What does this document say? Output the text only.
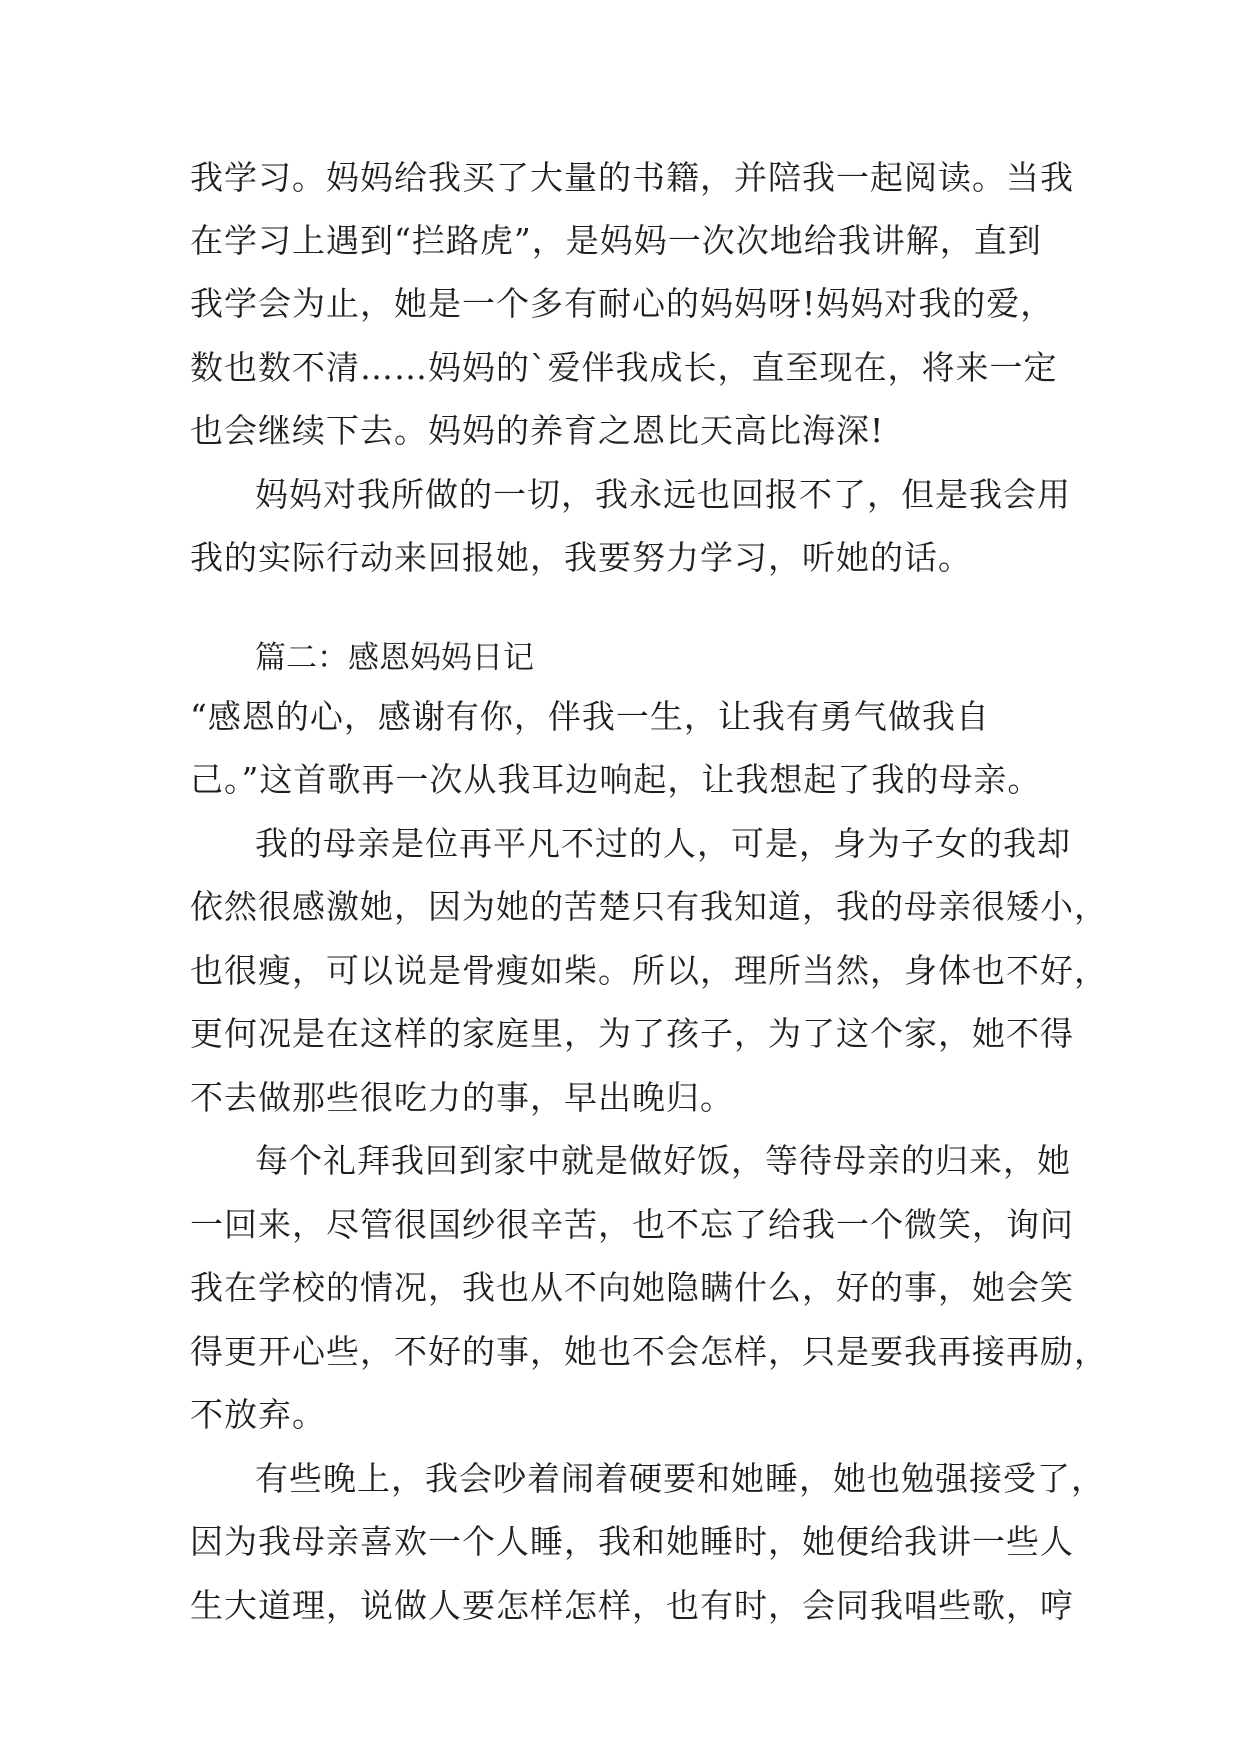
我学习。妈妈给我买了大量的书籍，并陪我一起阅读。当我
在学习上遇到“拦路虎”，是妈妈一次次地给我讲解，直到
我学会为止，她是一个多有耐心的妈妈呀!妈妈对我的爱，
数也数不清……妈妈的`爱伴我成长，直至现在，将来一定
也会继续下去。妈妈的养育之恩比天高比海深!
妈妈对我所做的一切，我永远也回报不了，但是我会用
我的实际行动来回报她，我要努力学习，听她的话。
篇二：感恩妈妈日记
“感恩的心，感谢有你，伴我一生，让我有勇气做我自
己。”这首歌再一次从我耳边响起，让我想起了我的母亲。
我的母亲是位再平凡不过的人，可是，身为子女的我却
依然很感激她，因为她的苦楚只有我知道，我的母亲很矮小，
也很瘦，可以说是骨瘦如柴。所以，理所当然，身体也不好，
更何况是在这样的家庭里，为了孩子，为了这个家，她不得
不去做那些很吃力的事，早出晚归。
每个礼拜我回到家中就是做好饭，等待母亲的归来，她
一回来，尽管很国纱很辛苦，也不忘了给我一个微笑，询问
我在学校的情况，我也从不向她隐瞒什么，好的事，她会笑
得更开心些，不好的事，她也不会怎样，只是要我再接再励，
不放弃。
有些晚上，我会吵着闹着硬要和她睡，她也勉强接受了，
因为我母亲喜欢一个人睡，我和她睡时，她便给我讲一些人
生大道理，说做人要怎样怎样，也有时，会同我唱些歌，哼
